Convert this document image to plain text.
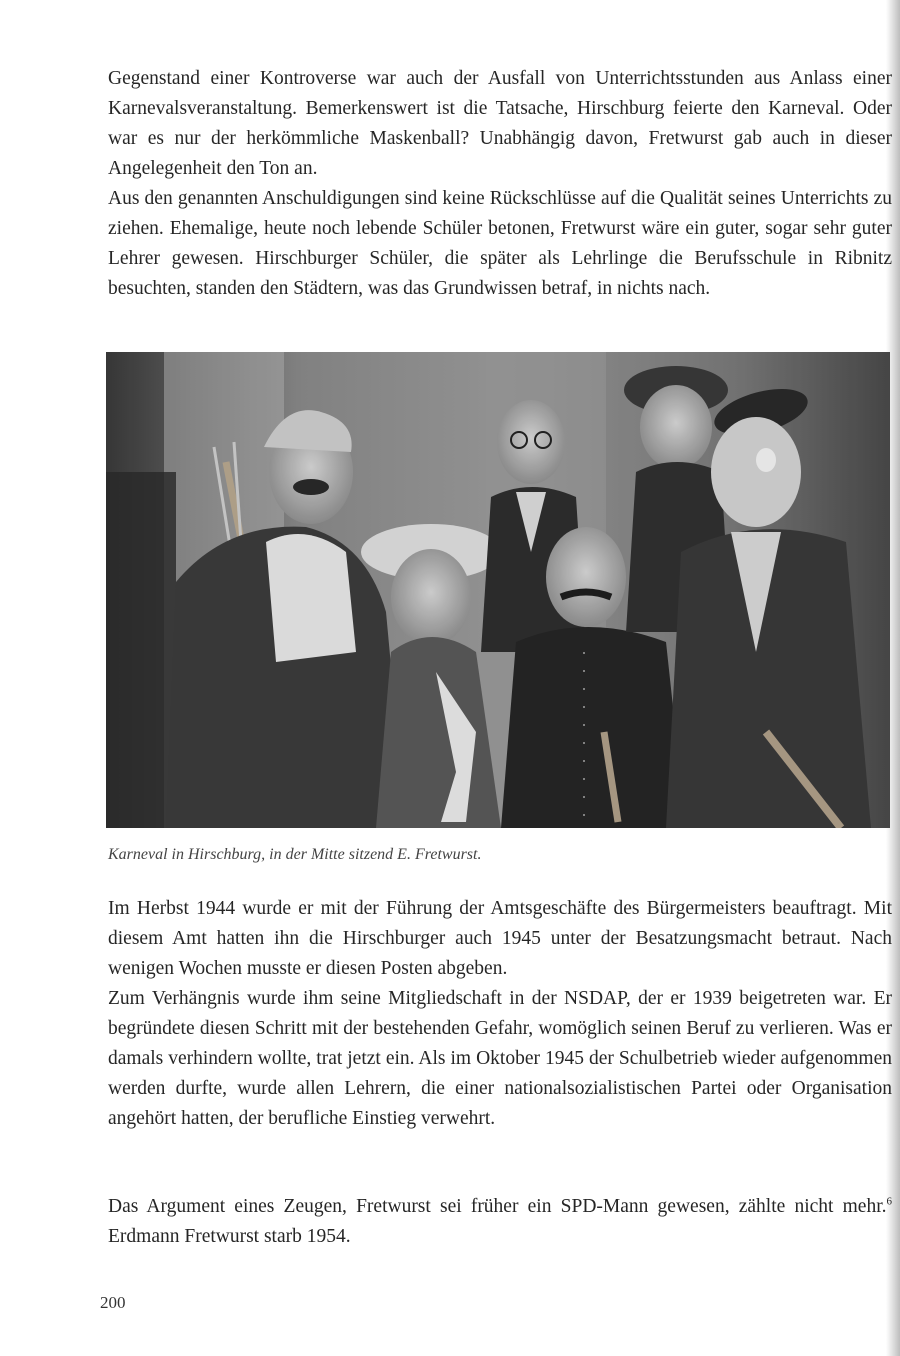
Gegenstand einer Kontroverse war auch der Ausfall von Unterrichtsstunden aus Anlass einer Karnevalsveranstaltung. Bemerkenswert ist die Tatsache, Hirschburg feierte den Karneval. Oder war es nur der herkömmliche Maskenball? Unabhängig davon, Fretwurst gab auch in dieser Angelegenheit den Ton an.

Aus den genannten Anschuldigungen sind keine Rückschlüsse auf die Qualität seines Unterrichts zu ziehen. Ehemalige, heute noch lebende Schüler betonen, Fretwurst wäre ein guter, sogar sehr guter Lehrer gewesen. Hirschburger Schüler, die später als Lehrlinge die Berufsschule in Ribnitz besuchten, standen den Städtern, was das Grundwissen betraf, in nichts nach.

Karneval in Hirschburg, in der Mitte sitzend E. Fretwurst.

Im Herbst 1944 wurde er mit der Führung der Amtsgeschäfte des Bürgermeisters beauftragt. Mit diesem Amt hatten ihn die Hirschburger auch 1945 unter der Besatzungsmacht betraut. Nach wenigen Wochen musste er diesen Posten abgeben.

Zum Verhängnis wurde ihm seine Mitgliedschaft in der NSDAP, der er 1939 beigetreten war. Er begründete diesen Schritt mit der bestehenden Gefahr, womöglich seinen Beruf zu verlieren. Was er damals verhindern wollte, trat jetzt ein. Als im Oktober 1945 der Schulbetrieb wieder aufgenommen werden durfte, wurde allen Lehrern, die einer nationalsozialistischen Partei oder Organisation angehört hatten, der berufliche Einstieg verwehrt.

Das Argument eines Zeugen, Fretwurst sei früher ein SPD-Mann gewesen, zählte nicht mehr.$^6$ Erdmann Fretwurst starb 1954.

200
